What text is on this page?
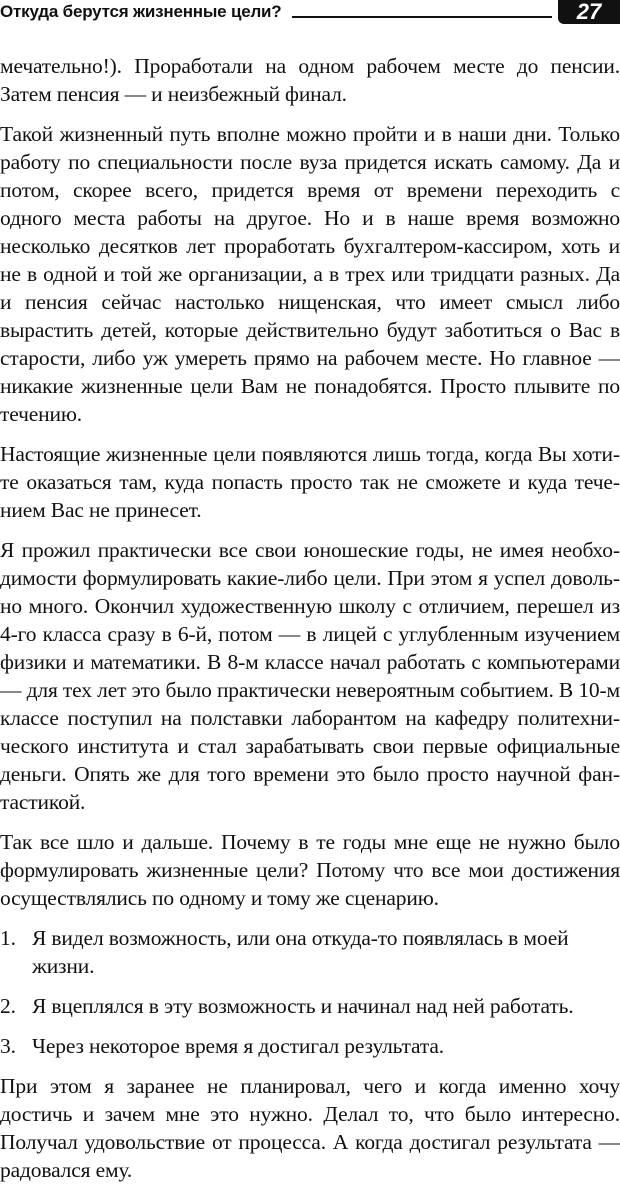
Откуда берутся жизненные цели?	27

мечательно!). Проработали на одном рабочем месте до пенсии. Затем пенсия — и неизбежный финал.

Такой жизненный путь вполне можно пройти и в наши дни. Только работу по специальности после вуза придется искать самому. Да и потом, скорее всего, придется время от времени переходить с одного места работы на другое. Но и в наше время возможно несколько десятков лет проработать бухгалтером-кассиром, хоть и не в одной и той же организации, а в трех или тридцати разных. Да и пенсия сейчас настолько нищенская, что имеет смысл либо вырастить детей, которые действительно будут заботиться о Вас в старости, либо уж умереть прямо на рабочем месте. Но главное — никакие жизненные цели Вам не понадобятся. Просто плывите по течению.

Настоящие жизненные цели появляются лишь тогда, когда Вы хотите оказаться там, куда попасть просто так не сможете и куда течением Вас не принесет.

Я прожил практически все свои юношеские годы, не имея необходимости формулировать какие-либо цели. При этом я успел довольно много. Окончил художественную школу с отличием, перешел из 4-го класса сразу в 6-й, потом — в лицей с углубленным изучением физики и математики. В 8-м классе начал работать с компьютерами — для тех лет это было практически невероятным событием. В 10-м классе поступил на полставки лаборантом на кафедру политехнического института и стал зарабатывать свои первые официальные деньги. Опять же для того времени это было просто научной фантастикой.

Так все шло и дальше. Почему в те годы мне еще не нужно было формулировать жизненные цели? Потому что все мои достижения осуществлялись по одному и тому же сценарию.

1. Я видел возможность, или она откуда-то появлялась в моей жизни.
2. Я вцеплялся в эту возможность и начинал над ней работать.
3. Через некоторое время я достигал результата.

При этом я заранее не планировал, чего и когда именно хочу достичь и зачем мне это нужно. Делал то, что было интересно. Получал удовольствие от процесса. А когда достигал результата — радовался ему.
